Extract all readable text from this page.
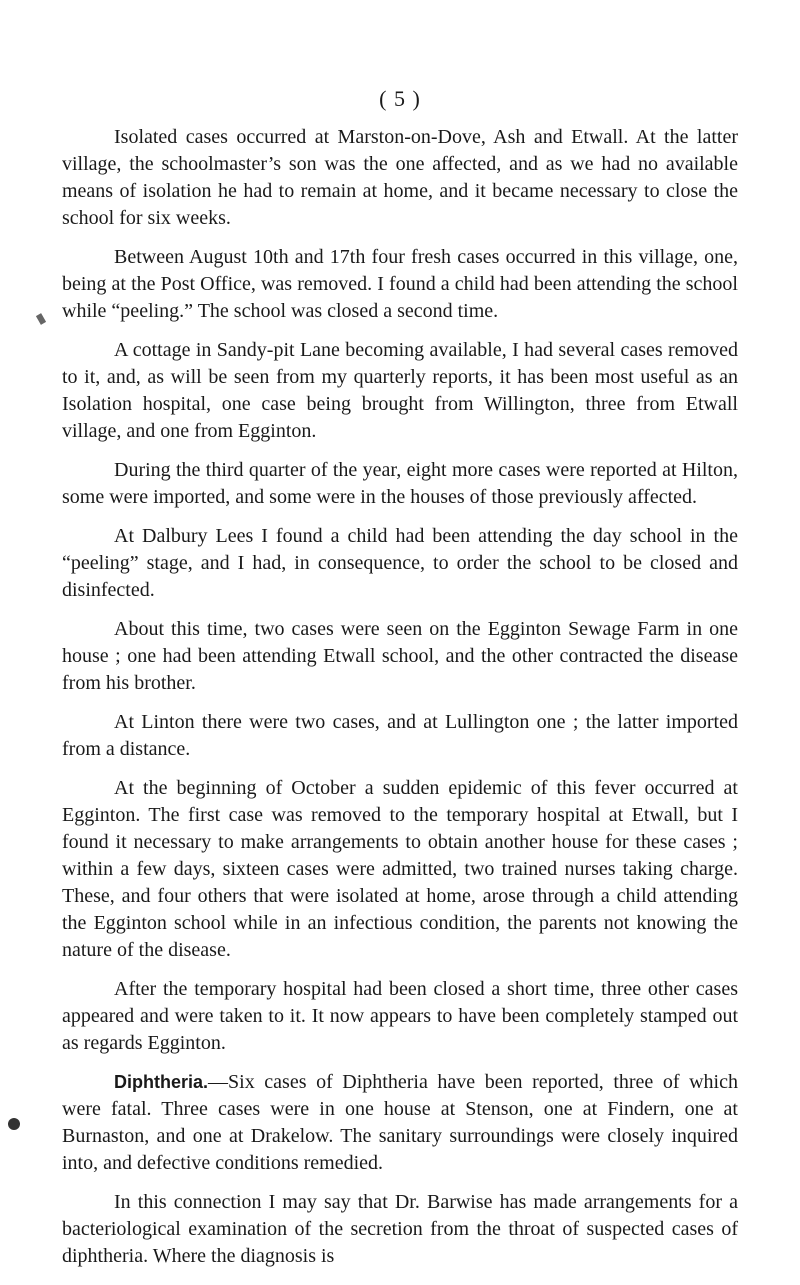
( 5 )

Isolated cases occurred at Marston-on-Dove, Ash and Etwall. At the latter village, the schoolmaster’s son was the one affected, and as we had no available means of isolation he had to remain at home, and it became necessary to close the school for six weeks.

Between August 10th and 17th four fresh cases occurred in this village, one, being at the Post Office, was removed. I found a child had been attending the school while “peeling.” The school was closed a second time.

A cottage in Sandy-pit Lane becoming available, I had several cases removed to it, and, as will be seen from my quarterly reports, it has been most useful as an Isolation hospital, one case being brought from Willington, three from Etwall village, and one from Egginton.

During the third quarter of the year, eight more cases were reported at Hilton, some were imported, and some were in the houses of those previously affected.

At Dalbury Lees I found a child had been attending the day school in the “peeling” stage, and I had, in consequence, to order the school to be closed and disinfected.

About this time, two cases were seen on the Egginton Sewage Farm in one house ; one had been attending Etwall school, and the other contracted the disease from his brother.

At Linton there were two cases, and at Lullington one ; the latter imported from a distance.

At the beginning of October a sudden epidemic of this fever occurred at Egginton. The first case was removed to the temporary hospital at Etwall, but I found it necessary to make arrangements to obtain another house for these cases ; within a few days, sixteen cases were admitted, two trained nurses taking charge. These, and four others that were isolated at home, arose through a child attending the Egginton school while in an infectious condition, the parents not knowing the nature of the disease.

After the temporary hospital had been closed a short time, three other cases appeared and were taken to it. It now appears to have been completely stamped out as regards Egginton.

Diphtheria.—Six cases of Diphtheria have been reported, three of which were fatal. Three cases were in one house at Stenson, one at Findern, one at Burnaston, and one at Drakelow. The sanitary surroundings were closely inquired into, and defective conditions remedied.

In this connection I may say that Dr. Barwise has made arrangements for a bacteriological examination of the secretion from the throat of suspected cases of diphtheria. Where the diagnosis is
